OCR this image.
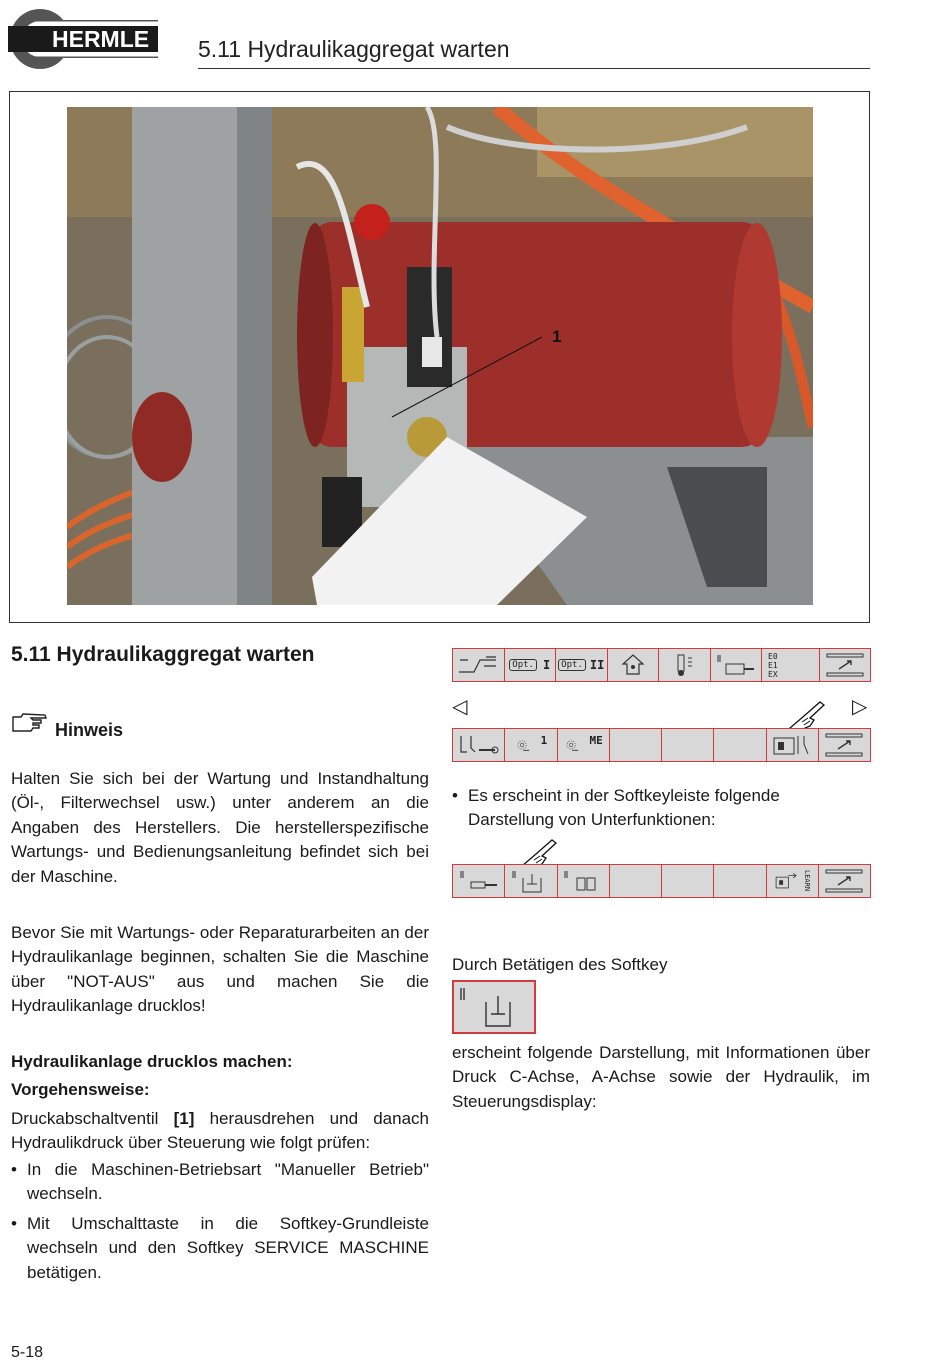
HERMLE 5.11 Hydraulikaggregat warten
1
5.11 Hydraulikaggregat warten
Hinweis
Halten Sie sich bei der Wartung und Instandhaltung (Öl-, Filterwechsel usw.) unter anderem an die Angaben des Herstellers. Die herstellerspezifische Wartungs- und Bedienungsanleitung befindet sich bei der Maschine.
Bevor Sie mit Wartungs- oder Reparaturarbeiten an der Hydraulikanlage beginnen, schalten Sie die Maschine über "NOT-AUS" aus und machen Sie die Hydraulikanlage drucklos!
Hydraulikanlage drucklos machen:
Vorgehensweise:
Druckabschaltventil [1] herausdrehen und danach Hydraulikdruck über Steuerung wie folgt prüfen:
• In die Maschinen-Betriebsart "Manueller Betrieb" wechseln.
• Mit Umschalttaste in die Softkey-Grundleiste wechseln und den Softkey SERVICE MASCHINE betätigen.
5-18
Opt. I	Opt. II
E0
E1
EX
◁	▷
1	ME
• Es erscheint in der Softkeyleiste folgende Darstellung von Unterfunktionen:
LEARN
Durch Betätigen des Softkey
erscheint folgende Darstellung, mit Informationen über Druck C-Achse, A-Achse sowie der Hydraulik, im Steuerungsdisplay:
